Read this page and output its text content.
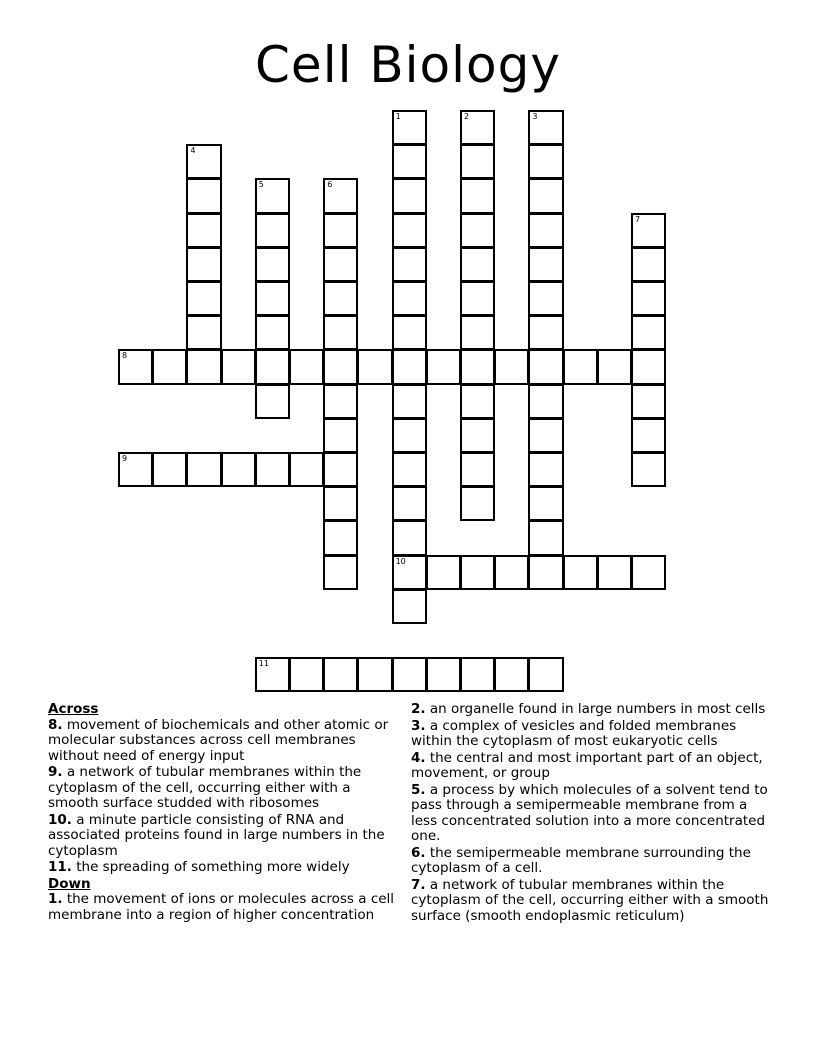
Cell Biology
1
10
2	3
4
5	6
7
8
9
11
Across
8. movement of biochemicals and other atomic or molecular substances across cell membranes without need of energy input
9. a network of tubular membranes within the cytoplasm of the cell, occurring either with a smooth surface studded with ribosomes
10. a minute particle consisting of RNA and associated proteins found in large numbers in the cytoplasm
11. the spreading of something more widely
Down
1. the movement of ions or molecules across a cell membrane into a region of higher concentration
2. an organelle found in large numbers in most cells
3. a complex of vesicles and folded membranes within the cytoplasm of most eukaryotic cells
4. the central and most important part of an object, movement, or group
5. a process by which molecules of a solvent tend to pass through a semipermeable membrane from a less concentrated solution into a more concentrated one.
6. the semipermeable membrane surrounding the cytoplasm of a cell.
7. a network of tubular membranes within the cytoplasm of the cell, occurring either with a smooth surface (smooth endoplasmic reticulum)
